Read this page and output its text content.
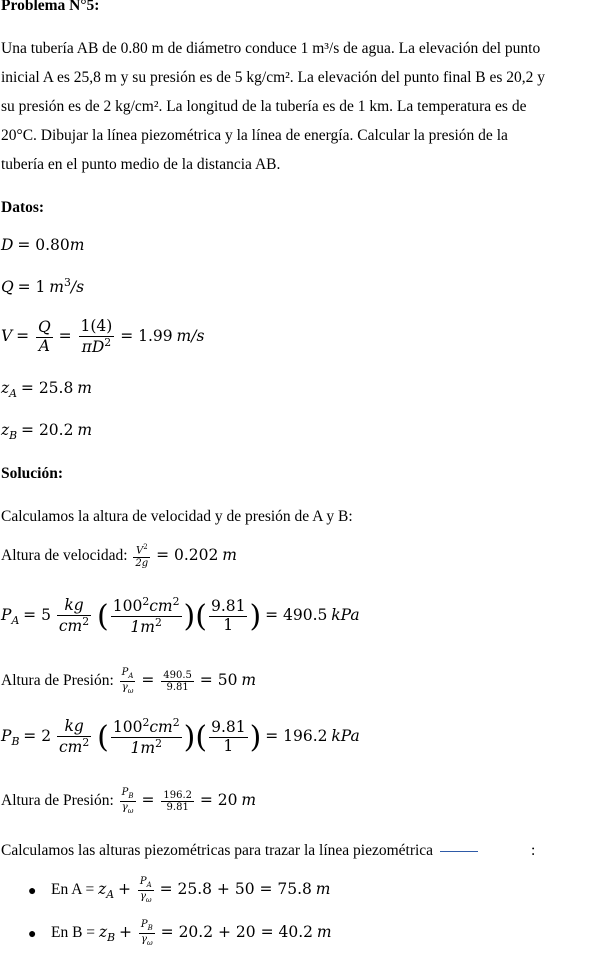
Problema N°5:
Una tubería AB de 0.80 m de diámetro conduce 1 m³/s de agua. La elevación del punto
inicial A es 25,8 m y su presión es de 5 kg/cm². La elevación del punto final B es 20,2 y
su presión es de 2 kg/cm². La longitud de la tubería es de 1 km. La temperatura es de
20°C. Dibujar la línea piezométrica y la línea de energía. Calcular la presión de la
tubería en el punto medio de la distancia AB.
Datos:
D = 0.80m
Q = 1 $m^3/s$
$V = \frac{Q}{A} = \frac{1(4)}{\pi D^2} = 1.99$ m/s
$z_A = 25.8$ m
$z_B = 20.2$ m
Solución:
Calculamos la altura de velocidad y de presión de A y B:
Altura de velocidad: $\frac{V^2}{2g} = 0.202$ m
$P_A = 5 \frac{kg}{cm^2}$ ( $\frac{100^2cm^2}{1m^2}$ )( $\frac{9.81}{1}$ ) = 490.5 kPa
Altura de Presión: $\frac{P_A}{\gamma_\omega} = \frac{490.5}{9.81} = 50$ m
$P_B = 2 \frac{kg}{cm^2}$ ( $\frac{100^2cm^2}{1m^2}$ )( $\frac{9.81}{1}$ ) = 196.2 kPa
Altura de Presión: $\frac{P_B}{\gamma_\omega} = \frac{196.2}{9.81} = 20$ m
Calculamos las alturas piezométricas para trazar la línea piezométrica	:
● En $A = z_A + \frac{P_A}{\gamma_\omega} = 25.8 + 50 = 75.8$ m
● En $B = z_B + \frac{P_B}{\gamma_\omega} = 20.2 + 20 = 40.2$ m
